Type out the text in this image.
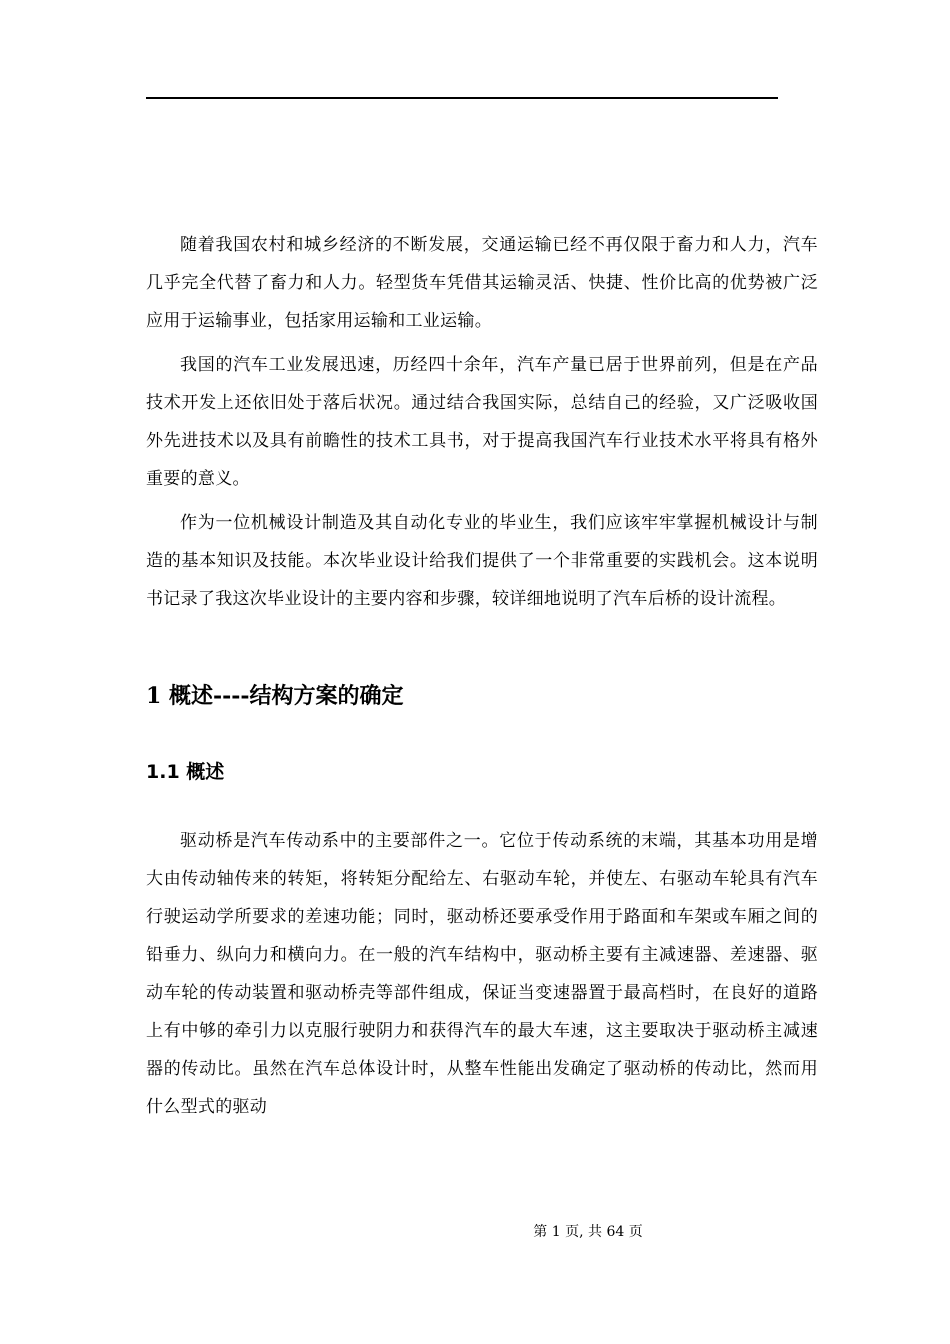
随着我国农村和城乡经济的不断发展，交通运输已经不再仅限于畜力和人力，汽车几乎完全代替了畜力和人力。轻型货车凭借其运输灵活、快捷、性价比高的优势被广泛应用于运输事业，包括家用运输和工业运输。

我国的汽车工业发展迅速，历经四十余年，汽车产量已居于世界前列，但是在产品技术开发上还依旧处于落后状况。通过结合我国实际，总结自己的经验，又广泛吸收国外先进技术以及具有前瞻性的技术工具书，对于提高我国汽车行业技术水平将具有格外重要的意义。

作为一位机械设计制造及其自动化专业的毕业生，我们应该牢牢掌握机械设计与制造的基本知识及技能。本次毕业设计给我们提供了一个非常重要的实践机会。这本说明书记录了我这次毕业设计的主要内容和步骤，较详细地说明了汽车后桥的设计流程。

1 概述----结构方案的确定
1.1 概述

驱动桥是汽车传动系中的主要部件之一。它位于传动系统的末端，其基本功用是增大由传动轴传来的转矩，将转矩分配给左、右驱动车轮，并使左、右驱动车轮具有汽车行驶运动学所要求的差速功能；同时，驱动桥还要承受作用于路面和车架或车厢之间的铅垂力、纵向力和横向力。在一般的汽车结构中，驱动桥主要有主减速器、差速器、驱动车轮的传动装置和驱动桥壳等部件组成，保证当变速器置于最高档时，在良好的道路上有中够的牵引力以克服行驶阴力和获得汽车的最大车速，这主要取决于驱动桥主减速器的传动比。虽然在汽车总体设计时，从整车性能出发确定了驱动桥的传动比，然而用什么型式的驱动

第 1 页, 共 64 页
